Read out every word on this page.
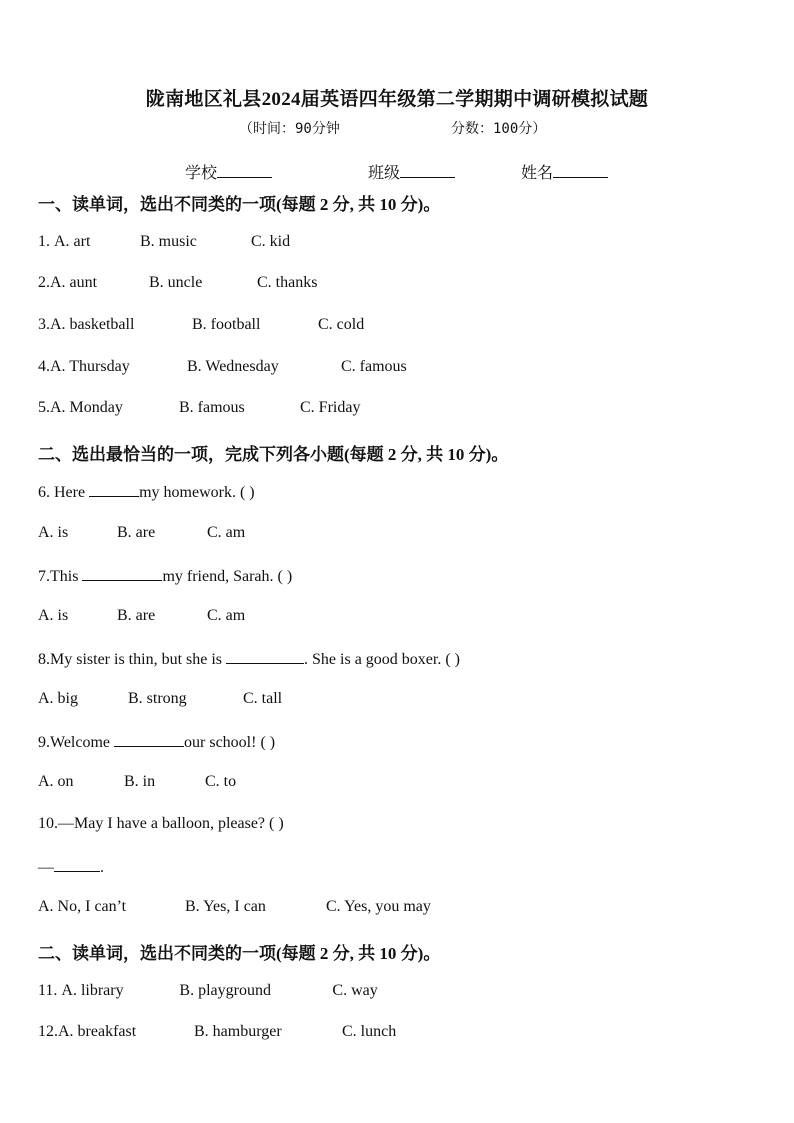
陇南地区礼县2024届英语四年级第二学期期中调研模拟试题
（时间：90分钟	分数：100分）
学校	班级	姓名
一、读单词，选出不同类的一项(每题 2 分, 共 10 分)。
1. A. art	B. music	C. kid
2.A. aunt	B. uncle	C. thanks
3.A. basketball	B. football	C. cold
4.A. Thursday	B. Wednesday	C. famous
5.A. Monday	B. famous	C. Friday
二、选出最恰当的一项，完成下列各小题(每题 2 分, 共 10 分)。
6. Here	my homework. ( )
A. is	B. are	C. am
7.This	my friend, Sarah. ( )
A. is	B. are	C. am
8.My sister is thin, but she is	. She is a good boxer. ( )
A. big	B. strong	C. tall
9.Welcome	our school! ( )
A. on	B. in	C. to
10.—May I have a balloon, please? ( )
—	.
A. No, I can’t	B. Yes, I can	C. Yes, you may
二、读单词，选出不同类的一项(每题 2 分, 共 10 分)。
11. A. library	B. playground	C. way
12.A. breakfast	B. hamburger	C. lunch
